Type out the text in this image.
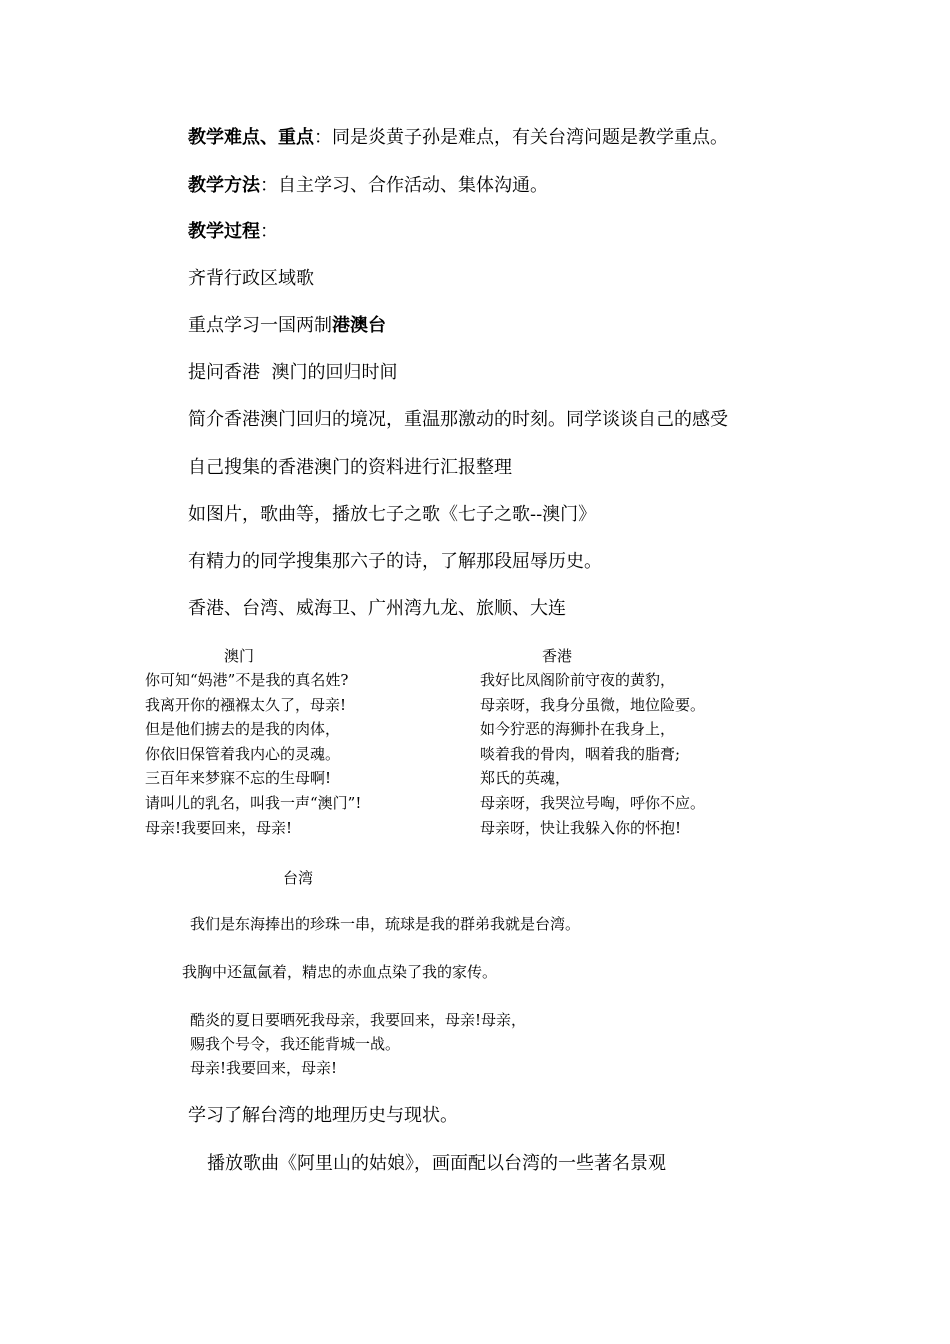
教学难点、重点：同是炎黄子孙是难点，有关台湾问题是教学重点。
教学方法：自主学习、合作活动、集体沟通。
教学过程：
齐背行政区域歌
重点学习一国两制港澳台
提问香港  澳门的回归时间
简介香港澳门回归的境况，重温那激动的时刻。同学谈谈自己的感受
自己搜集的香港澳门的资料进行汇报整理
如图片，歌曲等，播放七子之歌《七子之歌--澳门》
有精力的同学搜集那六子的诗，了解那段屈辱历史。
香港、台湾、威海卫、广州湾九龙、旅顺、大连
澳门
你可知“妈港”不是我的真名姓?
我离开你的襁褓太久了，母亲!
但是他们掳去的是我的肉体，
你依旧保管着我内心的灵魂。
三百年来梦寐不忘的生母啊!
请叫儿的乳名，叫我一声“澳门”!
母亲!我要回来，母亲!
香港
我好比凤阁阶前守夜的黄豹，
母亲呀，我身分虽微，地位险要。
如今狞恶的海狮扑在我身上，
啖着我的骨肉，咽着我的脂膏;
郑氏的英魂，
母亲呀，我哭泣号啕，呼你不应。
母亲呀，快让我躲入你的怀抱!
台湾
我们是东海捧出的珍珠一串，琉球是我的群弟我就是台湾。
我胸中还氲氤着，精忠的赤血点染了我的家传。
酷炎的夏日要晒死我母亲，我要回来，母亲!母亲，
赐我个号令，我还能背城一战。
母亲!我要回来，母亲!
学习了解台湾的地理历史与现状。
播放歌曲《阿里山的姑娘》，画面配以台湾的一些著名景观
